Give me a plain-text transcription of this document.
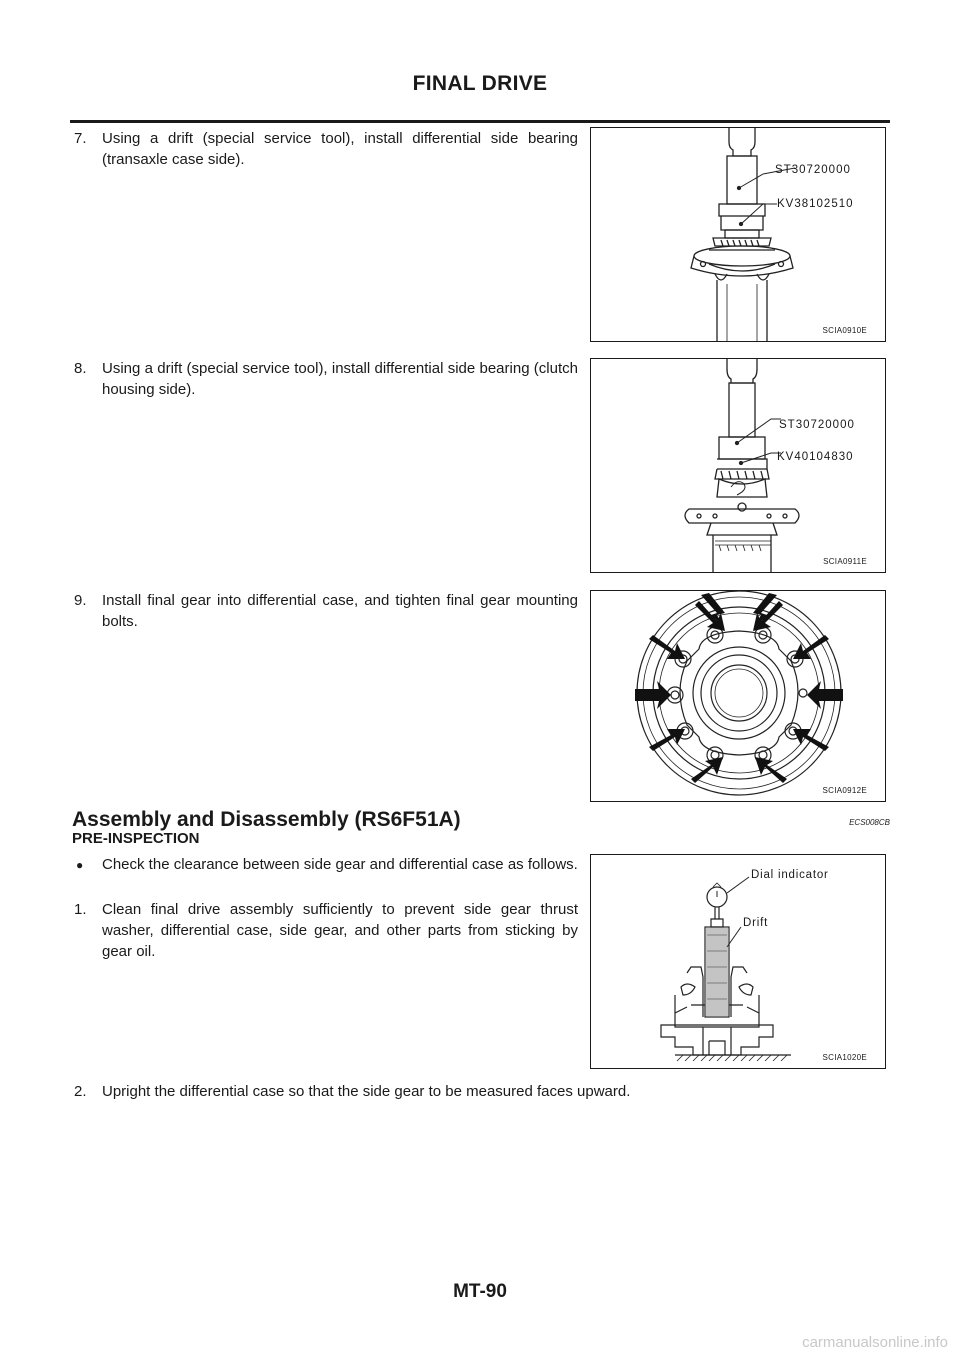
FINAL DRIVE
7.	Using a drift (special service tool), install differential side bearing (transaxle case side).
ST30720000
KV38102510
SCIA0910E
8.	Using a drift (special service tool), install differential side bearing (clutch housing side).
ST30720000
KV40104830
SCIA0911E
9.	Install final gear into differential case, and tighten final gear mounting bolts.
SCIA0912E
Assembly and Disassembly (RS6F51A)	ECS008CB
PRE-INSPECTION
●	Check the clearance between side gear and differential case as follows.
1.	Clean final drive assembly sufficiently to prevent side gear thrust washer, differential case, side gear, and other parts from sticking by gear oil.
Dial indicator
Drift
SCIA1020E
2.	Upright the differential case so that the side gear to be measured faces upward.
MT-90
carmanualsonline.info
